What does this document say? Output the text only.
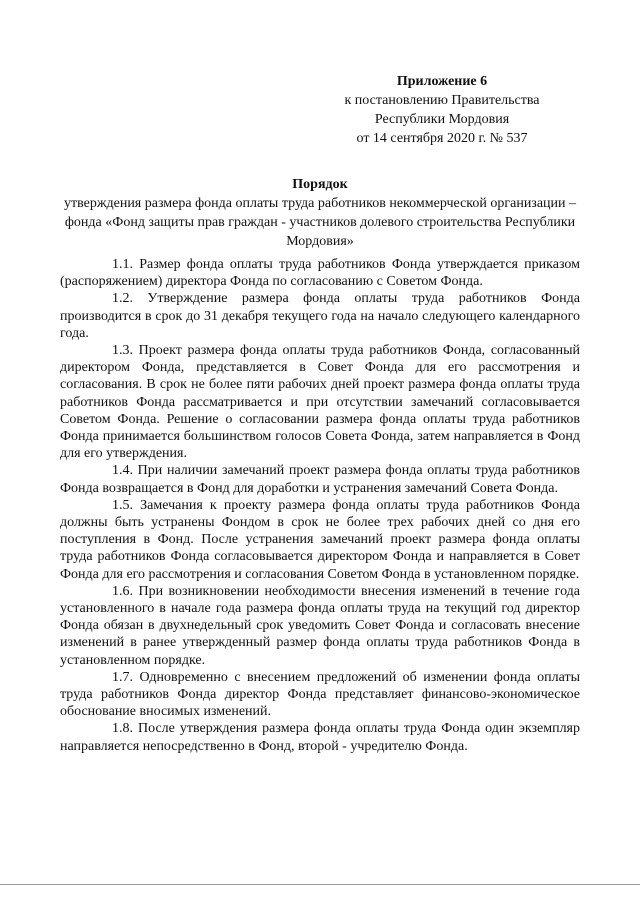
Приложение 6
к постановлению Правительства
Республики Мордовия
от 14 сентября 2020 г. № 537
Порядок
утверждения размера фонда оплаты труда работников некоммерческой организации – фонда «Фонд защиты прав граждан - участников долевого строительства Республики Мордовия»

1.1. Размер фонда оплаты труда работников Фонда утверждается приказом (распоряжением) директора Фонда по согласованию с Советом Фонда.

1.2. Утверждение размера фонда оплаты труда работников Фонда производится в срок до 31 декабря текущего года на начало следующего календарного года.

1.3. Проект размера фонда оплаты труда работников Фонда, согласованный директором Фонда, представляется в Совет Фонда для его рассмотрения и согласования. В срок не более пяти рабочих дней проект размера фонда оплаты труда работников Фонда рассматривается и при отсутствии замечаний согласовывается Советом Фонда. Решение о согласовании размера фонда оплаты труда работников Фонда принимается большинством голосов Совета Фонда, затем направляется в Фонд для его утверждения.

1.4. При наличии замечаний проект размера фонда оплаты труда работников Фонда возвращается в Фонд для доработки и устранения замечаний Совета Фонда.

1.5. Замечания к проекту размера фонда оплаты труда работников Фонда должны быть устранены Фондом в срок не более трех рабочих дней со дня его поступления в Фонд. После устранения замечаний проект размера фонда оплаты труда работников Фонда согласовывается директором Фонда и направляется в Совет Фонда для его рассмотрения и согласования Советом Фонда в установленном порядке.

1.6. При возникновении необходимости внесения изменений в течение года установленного в начале года размера фонда оплаты труда на текущий год директор Фонда обязан в двухнедельный срок уведомить Совет Фонда и согласовать внесение изменений в ранее утвержденный размер фонда оплаты труда работников Фонда в установленном порядке.

1.7. Одновременно с внесением предложений об изменении фонда оплаты труда работников Фонда директор Фонда представляет финансово-экономическое обоснование вносимых изменений.

1.8. После утверждения размера фонда оплаты труда Фонда один экземпляр направляется непосредственно в Фонд, второй - учредителю Фонда.
